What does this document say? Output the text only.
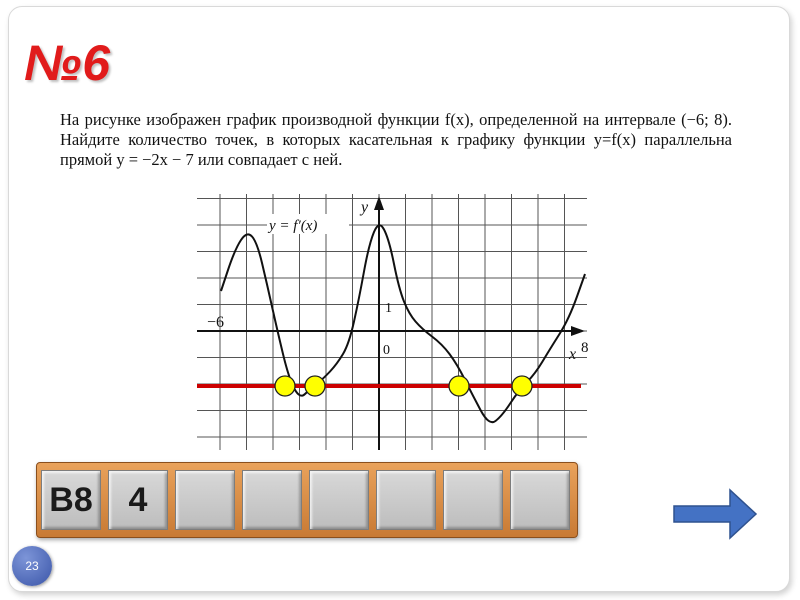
№6
На рисунке изображен график производной функции f(x), определенной на интервале (−6; 8). Найдите количество точек, в которых касательная к графику функции y=f(x) параллельна прямой y = −2x − 7 или совпадает с ней.
y = f′(x)
y
x 8
−6
0
1
B8	4
23
